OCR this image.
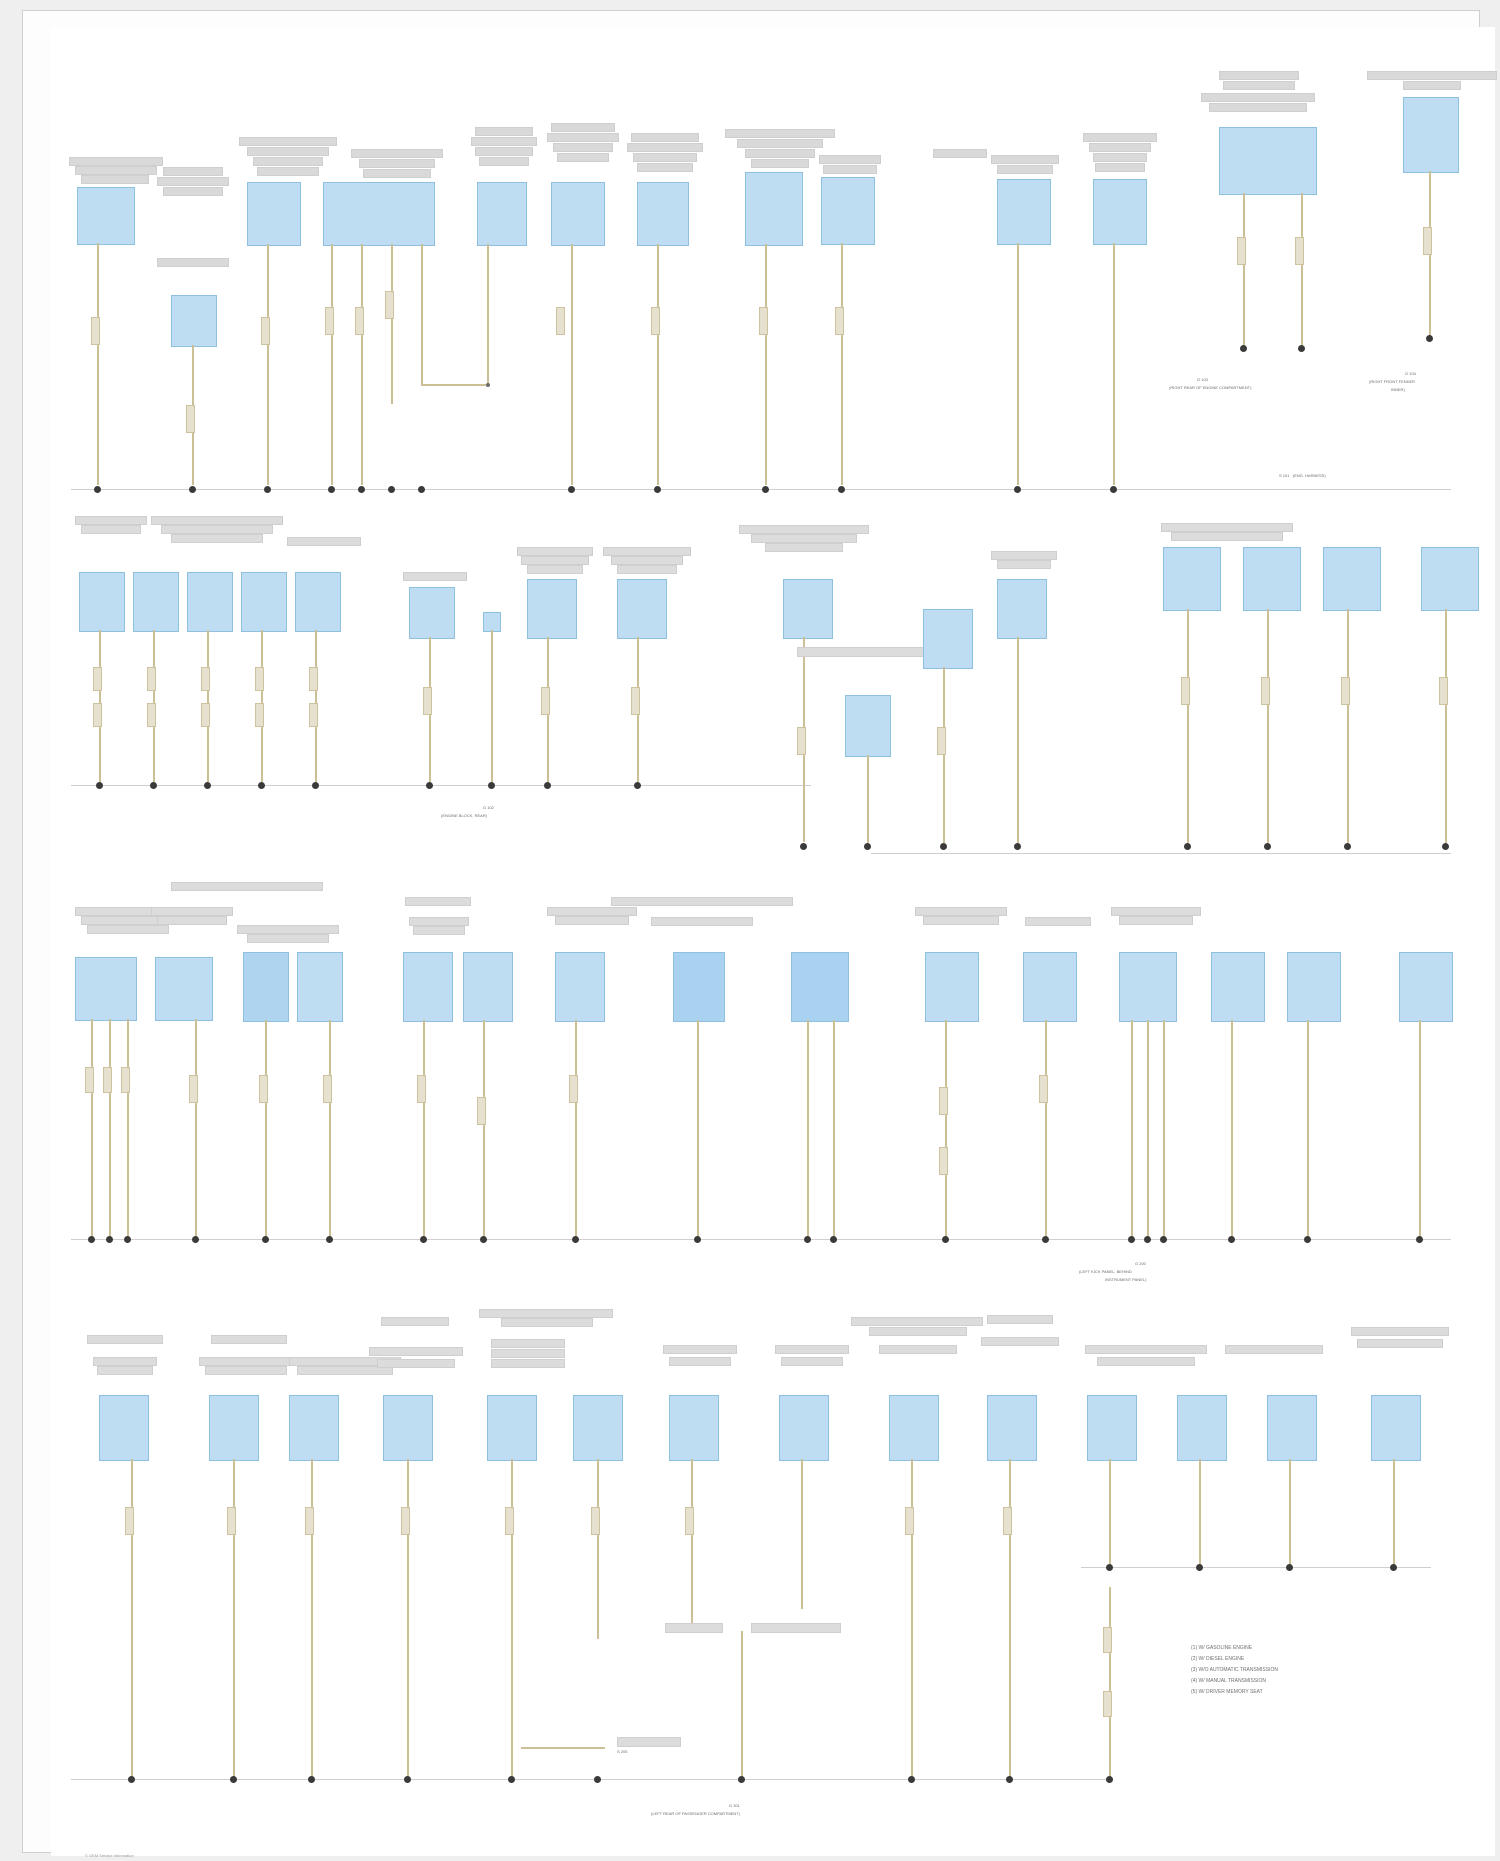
G 103
(RIGHT REAR OF ENGINE COMPARTMENT)
G 104
(RIGHT FRONT FENDER
INNER)
S 101   (ENG. HARNESS)
G 102
(ENGINE BLOCK, REAR)
G 200
(LEFT KICK PANEL, BEHIND
INSTRUMENT PANEL)
S 205
G 301
(LEFT REAR OF PASSENGER COMPARTMENT)
(1) W/ GASOLINE ENGINE
(2) W/ DIESEL ENGINE
(3) W/O AUTOMATIC TRANSMISSION
(4) W/ MANUAL TRANSMISSION
(5) W/ DRIVER MEMORY SEAT
© OEM Service Information
